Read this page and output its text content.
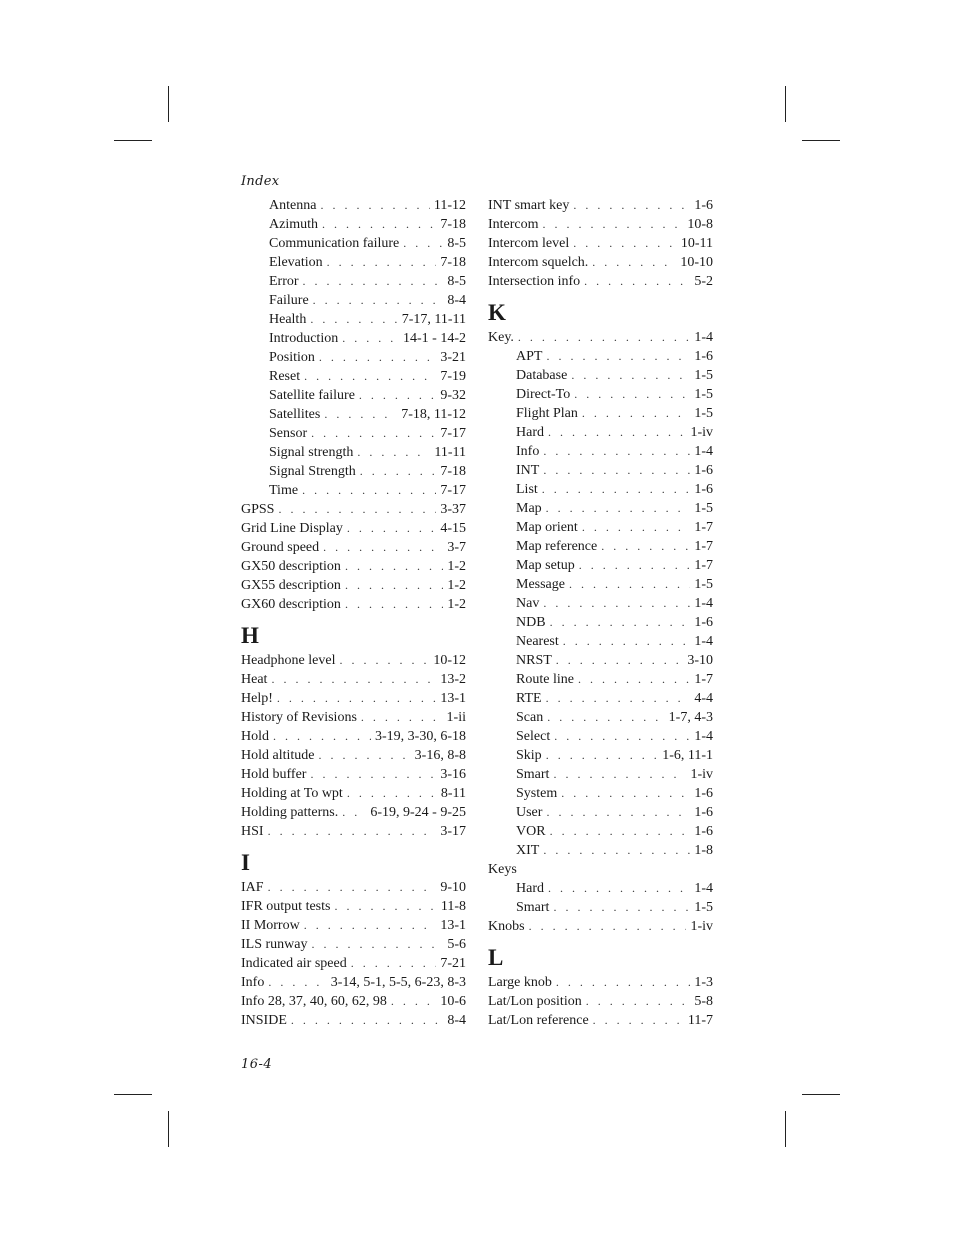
Index
Antenna . . .	11-12
Azimuth . . .	7-18
Communication failure . . .	8-5
Elevation . . .	7-18
Error . . .	8-5
Failure . . .	8-4
Health . . .	7-17, 11-11
Introduction . . .	14-1 - 14-2
Position . . .	3-21
Reset . . .	7-19
Satellite failure . . .	9-32
Satellites . . .	7-18, 11-12
Sensor . . .	7-17
Signal strength . . .	11-11
Signal Strength . . .	7-18
Time . . .	7-17
GPSS . . .	3-37
Grid Line Display . . .	4-15
Ground speed . . .	3-7
GX50 description . . .	1-2
GX55 description . . .	1-2
GX60 description . . .	1-2
H
Headphone level . . .	10-12
Heat . . .	13-2
Help! . . .	13-1
History of Revisions . . .	1-ii
Hold . . .	3-19, 3-30, 6-18
Hold altitude . . .	3-16, 8-8
Hold buffer . . .	3-16
Holding at To wpt . . .	8-11
Holding patterns. . . . 6-19, 9-24 - 9-25
HSI . . .	3-17
I
IAF . . .	9-10
IFR output tests . . .	11-8
II Morrow . . .	13-1
ILS runway . . .	5-6
Indicated air speed . . .	7-21
Info . . .	3-14, 5-1, 5-5, 6-23, 8-3
Info 28, 37, 40, 60, 62, 98 . . .	10-6
INSIDE . . .	8-4
INT smart key . . .	1-6
Intercom . . .	10-8
Intercom level . . .	10-11
Intercom squelch. . . .	10-10
Intersection info . . .	5-2
K
Key. . . .	1-4
APT . . .	1-6
Database . . .	1-5
Direct-To . . .	1-5
Flight Plan . . .	1-5
Hard . . .	1-iv
Info . . .	1-4
INT . . .	1-6
List . . .	1-6
Map . . .	1-5
Map orient . . .	1-7
Map reference . . .	1-7
Map setup . . .	1-7
Message . . .	1-5
Nav . . .	1-4
NDB . . .	1-6
Nearest . . .	1-4
NRST . . .	3-10
Route line . . .	1-7
RTE . . .	4-4
Scan . . .	1-7, 4-3
Select . . .	1-4
Skip . . .	1-6, 11-1
Smart . . .	1-iv
System . . .	1-6
User . . .	1-6
VOR . . .	1-6
XIT . . .	1-8
Keys
Hard . . .	1-4
Smart . . .	1-5
Knobs . . .	1-iv
L
Large knob . . .	1-3
Lat/Lon position . . .	5-8
Lat/Lon reference . . .	11-7
16-4
